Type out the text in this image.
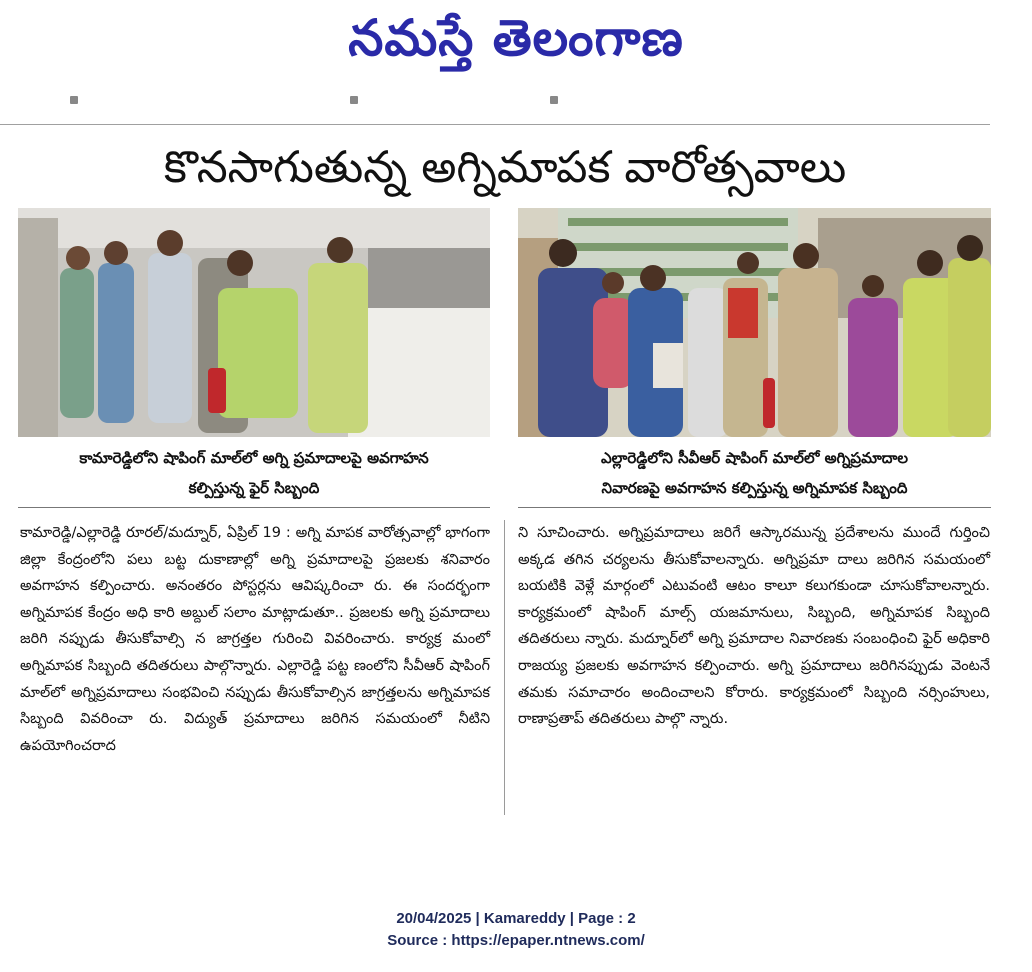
నమస్తే తెలంగాణ
కొనసాగుతున్న అగ్నిమాపక వారోత్సవాలు
కామారెడ్డిలోని షాపింగ్ మాల్‌లో అగ్ని ప్రమాదాలపై అవగాహన
కల్పిస్తున్న ఫైర్ సిబ్బంది
ఎల్లారెడ్డిలోని సీవీఆర్ షాపింగ్ మాల్‌లో అగ్నిప్రమాదాల
నివారణపై అవగాహన కల్పిస్తున్న అగ్నిమాపక సిబ్బంది
కామారెడ్డి/ఎల్లారెడ్డి రూరల్/మద్నూర్, ఏప్రిల్ 19 : అగ్ని మాపక వారోత్సవాల్లో భాగంగా జిల్లా కేంద్రంలోని పలు బట్ట దుకాణాల్లో అగ్ని ప్రమాదాలపై ప్రజలకు శనివారం అవగాహన కల్పించారు. అనంతరం పోస్టర్లను ఆవిష్కరించా రు. ఈ సందర్భంగా అగ్నిమాపక కేంద్రం అధి కారి అబ్దుల్ సలాం మాట్లాడుతూ.. ప్రజలకు అగ్ని ప్రమాదాలు జరిగి నప్పుడు తీసుకోవాల్సి న జాగ్రత్తల గురించి వివరించారు. కార్యక్ర మంలో అగ్నిమాపక సిబ్బంది తదితరులు పాల్గొన్నారు. ఎల్లారెడ్డి పట్ట ణంలోని సీవీఆర్ షాపింగ్ మాల్‌లో అగ్నిప్రమాదాలు సంభవించి నప్పుడు తీసుకోవాల్సిన జాగ్రత్తలను అగ్నిమాపక సిబ్బంది వివరించా రు. విద్యుత్ ప్రమాదాలు జరిగిన సమయంలో నీటిని ఉపయోగించరాద
ని సూచించారు. అగ్నిప్రమాదాలు జరిగే ఆస్కారమున్న ప్రదేశాలను ముందే గుర్తించి అక్కడ తగిన చర్యలను తీసుకోవాలన్నారు. అగ్నిప్రమా దాలు జరిగిన సమయంలో బయటికి వెళ్లే మార్గంలో ఎటువంటి ఆటం కాలూ కలుగకుండా చూసుకోవాలన్నారు. కార్యక్రమంలో షాపింగ్ మాల్స్ యజమానులు, సిబ్బంది, అగ్నిమాపక సిబ్బంది తదితరులు న్నారు. మద్నూర్‌లో అగ్ని ప్రమాదాల నివారణకు సంబంధించి ఫైర్ అధికారి రాజయ్య ప్రజలకు అవగాహన కల్పించారు. అగ్ని ప్రమాదాలు జరిగినప్పుడు వెంటనే తమకు సమాచారం అందించాలని కోరారు. కార్యక్రమంలో సిబ్బంది నర్సింహులు, రాణాప్రతాప్ తదితరులు పాల్గొ న్నారు.
20/04/2025 | Kamareddy | Page : 2
Source : https://epaper.ntnews.com/
